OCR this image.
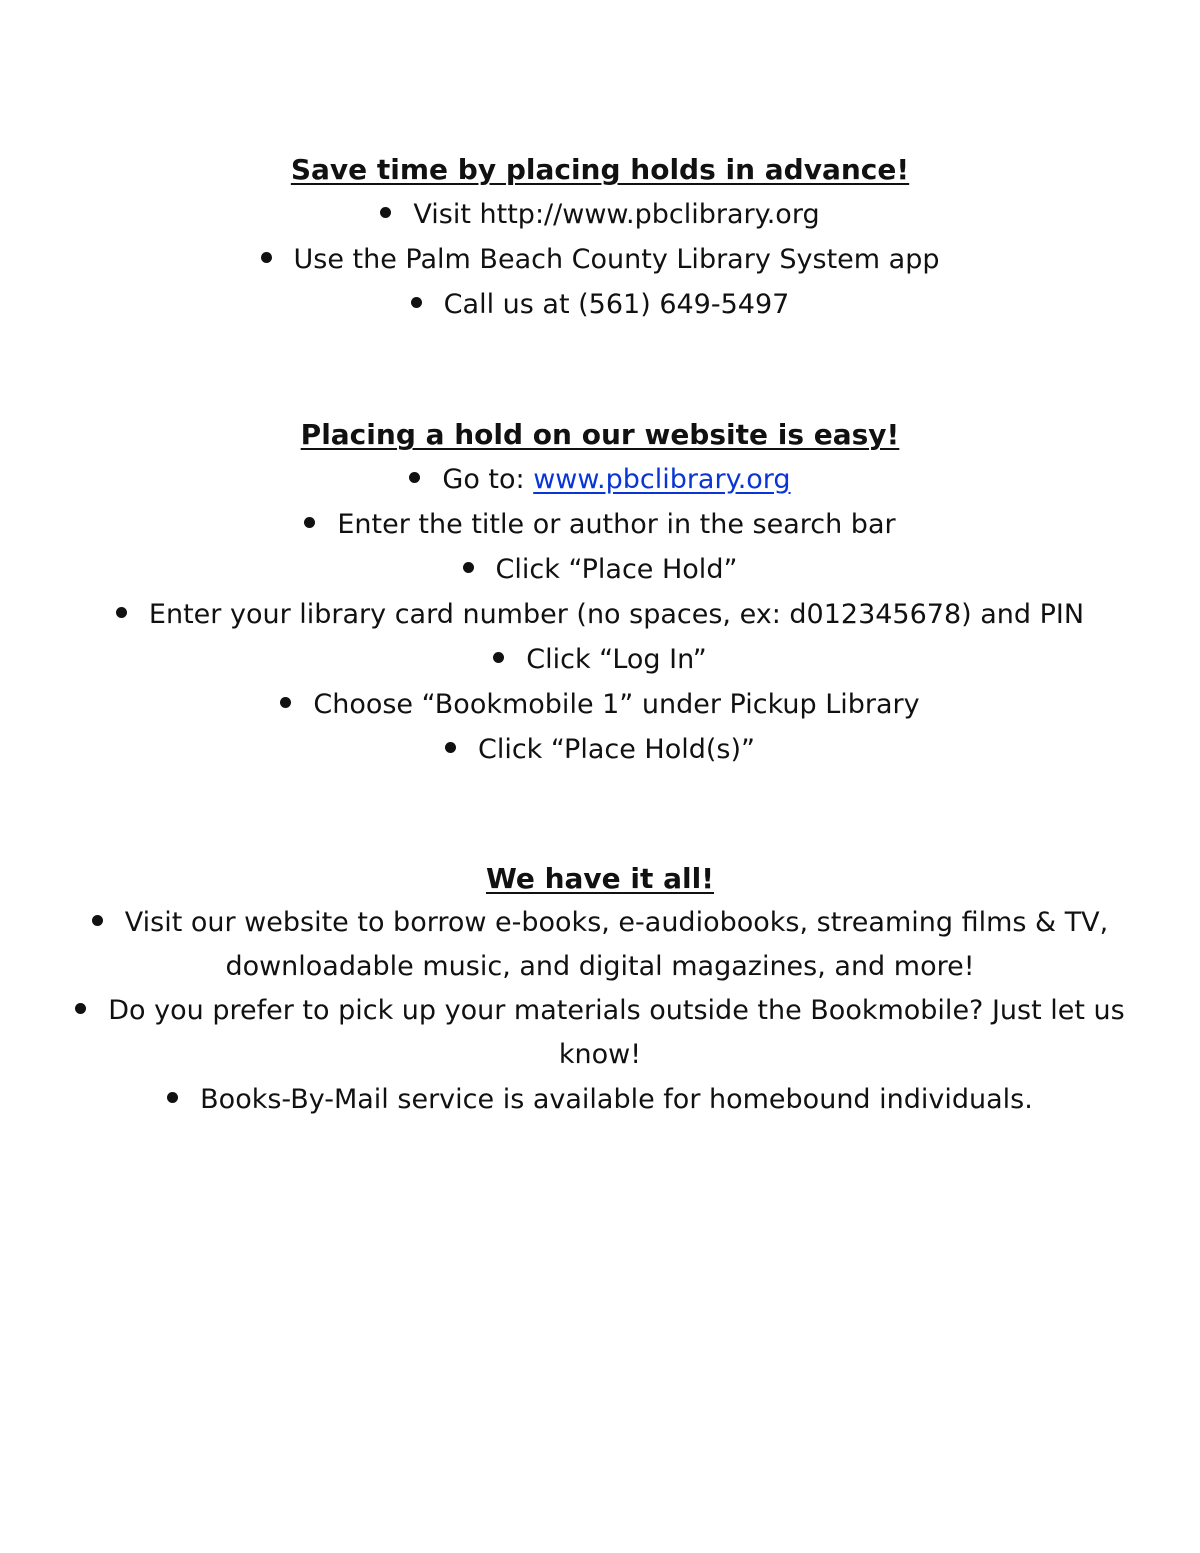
Save time by placing holds in advance!
Visit http://www.pbclibrary.org
Use the Palm Beach County Library System app
Call us at (561) 649-5497
Placing a hold on our website is easy!
Go to: www.pbclibrary.org
Enter the title or author in the search bar
Click “Place Hold”
Enter your library card number (no spaces, ex: d012345678) and PIN
Click “Log In”
Choose “Bookmobile 1” under Pickup Library
Click “Place Hold(s)”
We have it all!
Visit our website to borrow e-books, e-audiobooks, streaming films & TV, downloadable music, and digital magazines, and more!
Do you prefer to pick up your materials outside the Bookmobile? Just let us know!
Books-By-Mail service is available for homebound individuals.
